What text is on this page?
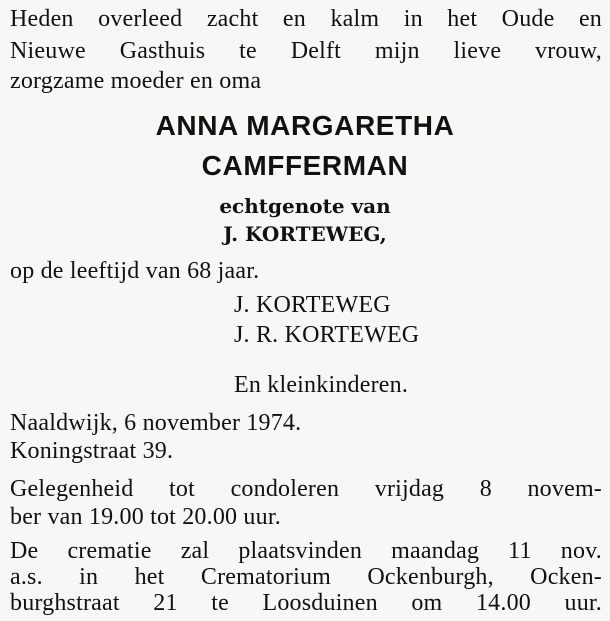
Heden overleed zacht en kalm in het Oude en
Nieuwe Gasthuis te Delft mijn lieve vrouw,
zorgzame moeder en oma
ANNA MARGARETHA
CAMFFERMAN
echtgenote van
J. KORTEWEG,
op de leeftijd van 68 jaar.
J. KORTEWEG
J. R. KORTEWEG
En kleinkinderen.
Naaldwijk, 6 november 1974.
Koningstraat 39.
Gelegenheid tot condoleren vrijdag 8 novem-
ber van 19.00 tot 20.00 uur.
De crematie zal plaatsvinden maandag 11 nov.
a.s. in het Crematorium Ockenburgh, Ocken-
burghstraat 21 te Loosduinen om 14.00 uur.
